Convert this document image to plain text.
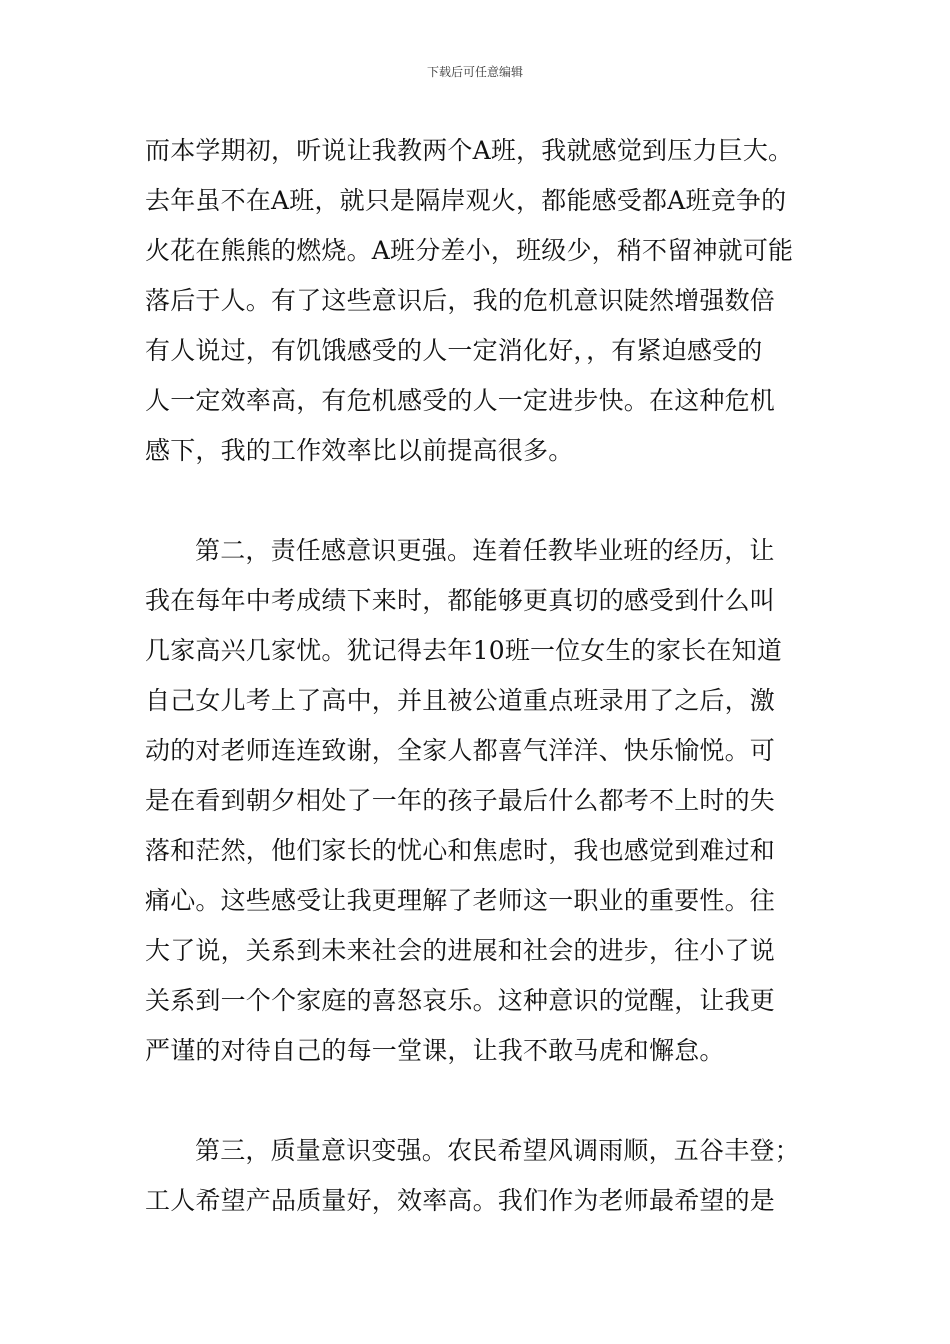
下载后可任意编辑
而本学期初，听说让我教两个A班，我就感觉到压力巨大。
去年虽不在A班，就只是隔岸观火，都能感受都A班竞争的
火花在熊熊的燃烧。A班分差小，班级少，稍不留神就可能
落后于人。有了这些意识后，我的危机意识陡然增强数倍
有人说过，有饥饿感受的人一定消化好，，有紧迫感受的
人一定效率高，有危机感受的人一定进步快。在这种危机
感下，我的工作效率比以前提高很多。
第二，责任感意识更强。连着任教毕业班的经历，让
我在每年中考成绩下来时，都能够更真切的感受到什么叫
几家高兴几家忧。犹记得去年10班一位女生的家长在知道
自己女儿考上了高中，并且被公道重点班录用了之后，激
动的对老师连连致谢，全家人都喜气洋洋、快乐愉悦。可
是在看到朝夕相处了一年的孩子最后什么都考不上时的失
落和茫然，他们家长的忧心和焦虑时，我也感觉到难过和
痛心。这些感受让我更理解了老师这一职业的重要性。往
大了说，关系到未来社会的进展和社会的进步，往小了说
关系到一个个家庭的喜怒哀乐。这种意识的觉醒，让我更
严谨的对待自己的每一堂课，让我不敢马虎和懈怠。
第三，质量意识变强。农民希望风调雨顺，五谷丰登；
工人希望产品质量好，效率高。我们作为老师最希望的是
